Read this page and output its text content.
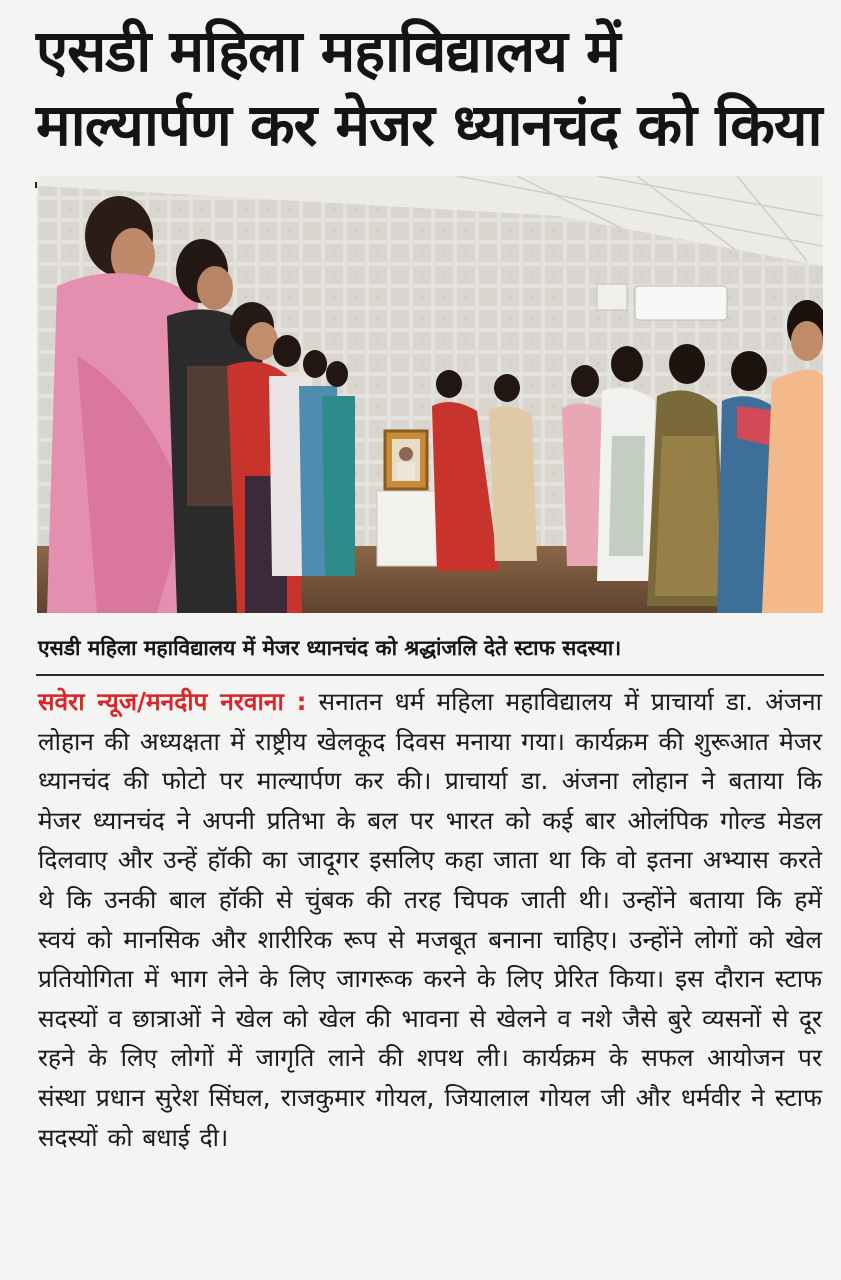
एसडी महिला महाविद्यालय में माल्यार्पण कर मेजर ध्यानचंद को किया
एसडी महिला महाविद्यालय में मेजर ध्यानचंद को श्रद्धांजलि देते स्टाफ सदस्या।
सवेरा न्यूज/मनदीप नरवाना : सनातन धर्म महिला महाविद्यालय में प्राचार्या डा. अंजना लोहान की अध्यक्षता में राष्ट्रीय खेलकूद दिवस मनाया गया। कार्यक्रम की शुरूआत मेजर ध्यानचंद की फोटो पर माल्यार्पण कर की। प्राचार्या डा. अंजना लोहान ने बताया कि मेजर ध्यानचंद ने अपनी प्रतिभा के बल पर भारत को कई बार ओलंपिक गोल्ड मेडल दिलवाए और उन्हें हॉकी का जादूगर इसलिए कहा जाता था कि वो इतना अभ्यास करते थे कि उनकी बाल हॉकी से चुंबक की तरह चिपक जाती थी। उन्होंने बताया कि हमें स्वयं को मानसिक और शारीरिक रूप से मजबूत बनाना चाहिए। उन्होंने लोगों को खेल प्रतियोगिता में भाग लेने के लिए जागरूक करने के लिए प्रेरित किया। इस दौरान स्टाफ सदस्यों व छात्राओं ने खेल को खेल की भावना से खेलने व नशे जैसे बुरे व्यसनों से दूर रहने के लिए लोगों में जागृति लाने की शपथ ली। कार्यक्रम के सफल आयोजन पर संस्था प्रधान सुरेश सिंघल, राजकुमार गोयल, जियालाल गोयल जी और धर्मवीर ने स्टाफ सदस्यों को बधाई दी।
